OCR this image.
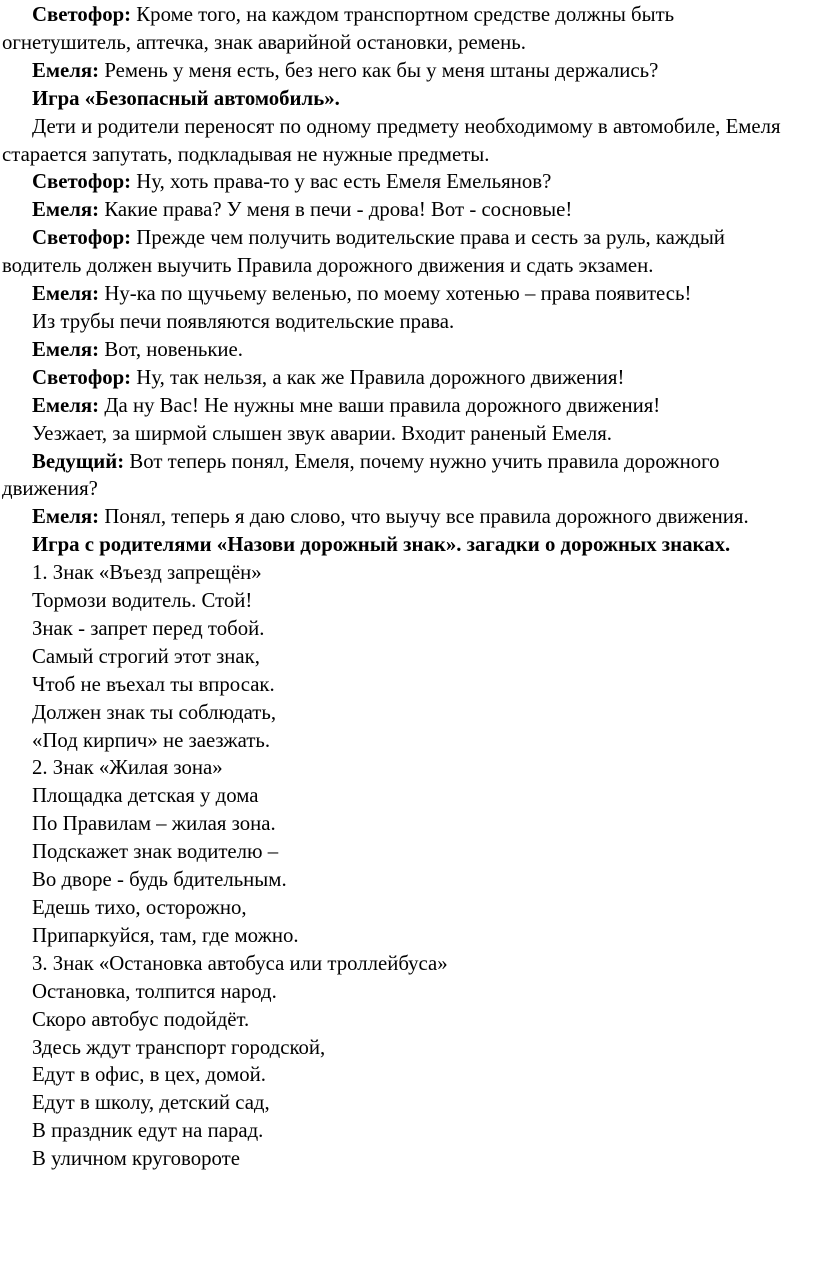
Светофор: Кроме того, на каждом транспортном средстве должны быть огнетушитель, аптечка, знак аварийной остановки, ремень.

Емеля: Ремень у меня есть, без него как бы у меня штаны держались?

Игра «Безопасный автомобиль».

Дети и родители переносят по одному предмету необходимому в автомобиле, Емеля старается запутать, подкладывая не нужные предметы.

Светофор: Ну, хоть права-то у вас есть Емеля Емельянов?

Емеля: Какие права? У меня в печи - дрова! Вот - сосновые!

Светофор: Прежде чем получить водительские права и сесть за руль, каждый водитель должен выучить Правила дорожного движения и сдать экзамен.

Емеля: Ну-ка по щучьему веленью, по моему хотенью – права появитесь!

Из трубы печи появляются водительские права.

Емеля: Вот, новенькие.

Светофор: Ну, так нельзя, а как же Правила дорожного движения!

Емеля: Да ну Вас! Не нужны мне ваши правила дорожного движения!

Уезжает, за ширмой слышен звук аварии. Входит раненый Емеля.

Ведущий: Вот теперь понял, Емеля, почему нужно учить правила дорожного движения?

Емеля: Понял, теперь я даю слово, что выучу все правила дорожного движения.

Игра с родителями «Назови дорожный знак». загадки о дорожных знаках.

1. Знак «Въезд запрещён»

Тормози водитель. Стой!

Знак - запрет перед тобой.

Самый строгий этот знак,

Чтоб не въехал ты впросак.

Должен знак ты соблюдать,

«Под кирпич» не заезжать.

2. Знак «Жилая зона»

Площадка детская у дома

По Правилам – жилая зона.

Подскажет знак водителю –

Во дворе - будь бдительным.

Едешь тихо, осторожно,

Припаркуйся, там, где можно.

3. Знак «Остановка автобуса или троллейбуса»

Остановка, толпится народ.

Скоро автобус подойдёт.

Здесь ждут транспорт городской,

Едут в офис, в цех, домой.

Едут в школу, детский сад,

В праздник едут на парад.

В уличном круговороте
